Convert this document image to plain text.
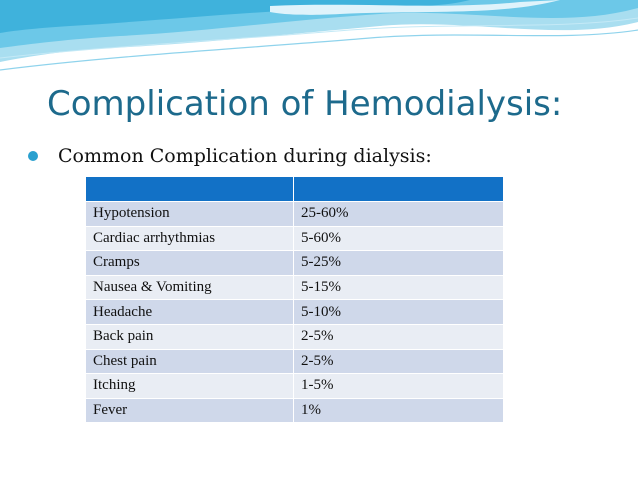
Complication of Hemodialysis:
Common Complication during dialysis:

Hypotension	25-60%
Cardiac arrhythmias	5-60%
Cramps	5-25%
Nausea & Vomiting	5-15%
Headache	5-10%
Back pain	2-5%
Chest pain	2-5%
Itching	1-5%
Fever	1%
